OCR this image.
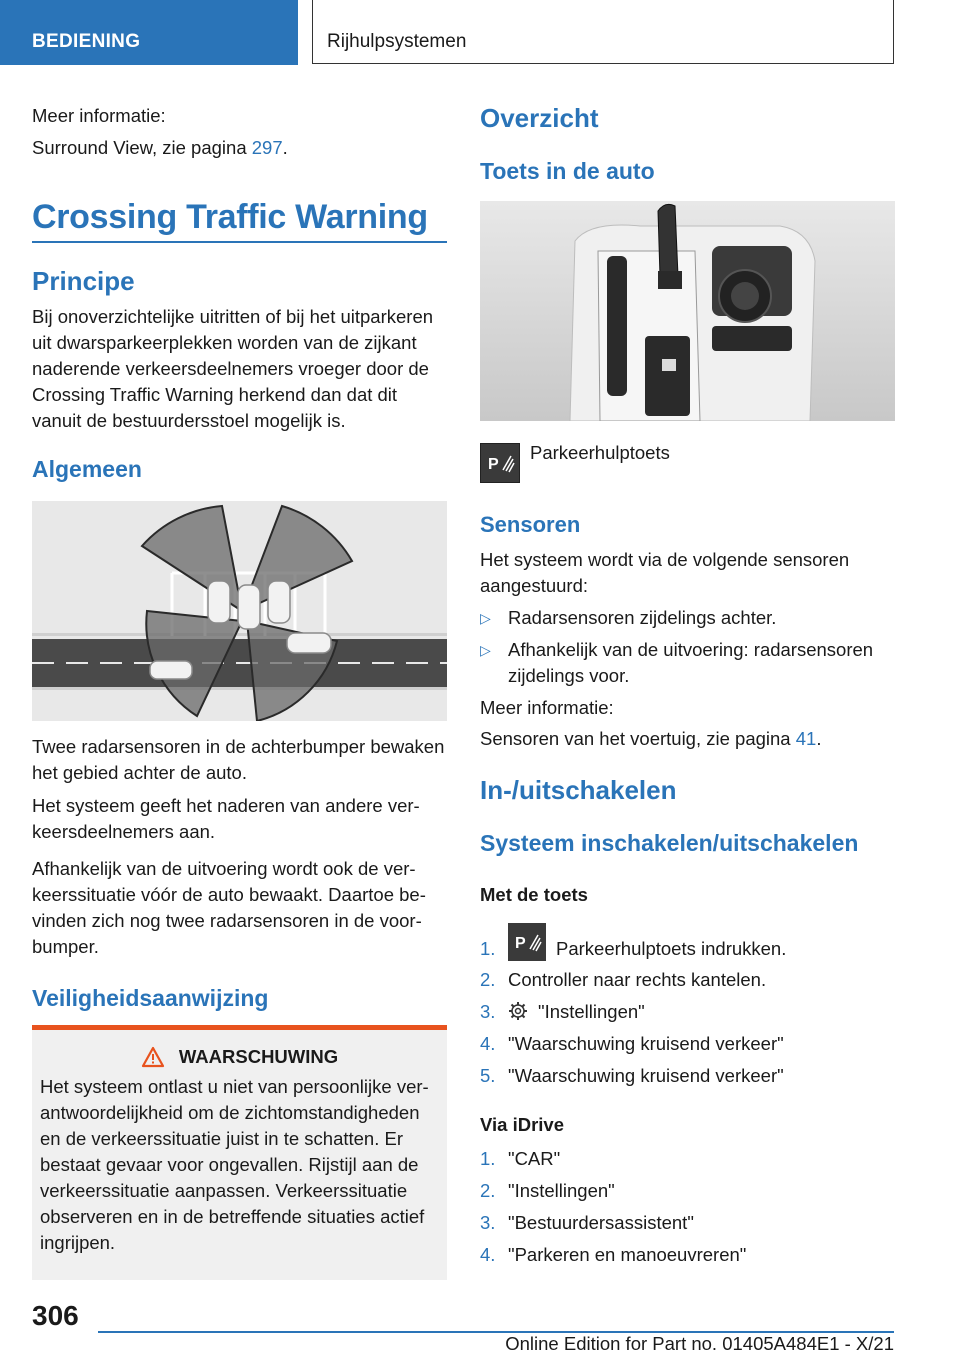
BEDIENING	Rijhulpsystemen

Meer informatie:

Surround View, zie pagina 297.

Crossing Traffic Warning
Principe

Bij onoverzichtelijke uitritten of bij het uitparkeren uit dwarsparkeerplekken worden van de zijkant naderende verkeersdeelnemers vroeger door de Crossing Traffic Warning herkend dan dat dit vanuit de bestuurdersstoel mogelijk is.

Algemeen

Twee radarsensoren in de achterbumper bewaken het gebied achter de auto.

Het systeem geeft het naderen van andere verkeersdeelnemers aan.

Afhankelijk van de uitvoering wordt ook de verkeerssituatie vóór de auto bewaakt. Daartoe bevinden zich nog twee radarsensoren in de voorbumper.

Veiligheidsaanwijzing
WAARSCHUWING

Het systeem ontlast u niet van persoonlijke verantwoordelijkheid om de zichtomstandigheden en de verkeerssituatie juist in te schatten. Er bestaat gevaar voor ongevallen. Rijstijl aan de verkeerssituatie aanpassen. Verkeerssituatie observeren en in de betreffende situaties actief ingrijpen.

Overzicht
Toets in de auto
P
Parkeerhulptoets
Sensoren

Het systeem wordt via de volgende sensoren aangestuurd:

▷ Radarsensoren zijdelings achter.
▷ Afhankelijk van de uitvoering: radarsensoren zijdelings voor.

Meer informatie:

Sensoren van het voertuig, zie pagina 41.

In-/uitschakelen
Systeem inschakelen/uitschakelen
Met de toets
1. P Parkeerhulptoets indrukken.
2. Controller naar rechts kantelen.
3. "Instellingen"
4. "Waarschuwing kruisend verkeer"
5. "Waarschuwing kruisend verkeer"
Via iDrive
1. "CAR"
2. "Instellingen"
3. "Bestuurdersassistent"
4. "Parkeren en manoeuvreren"
306
Online Edition for Part no. 01405A484E1 - X/21
